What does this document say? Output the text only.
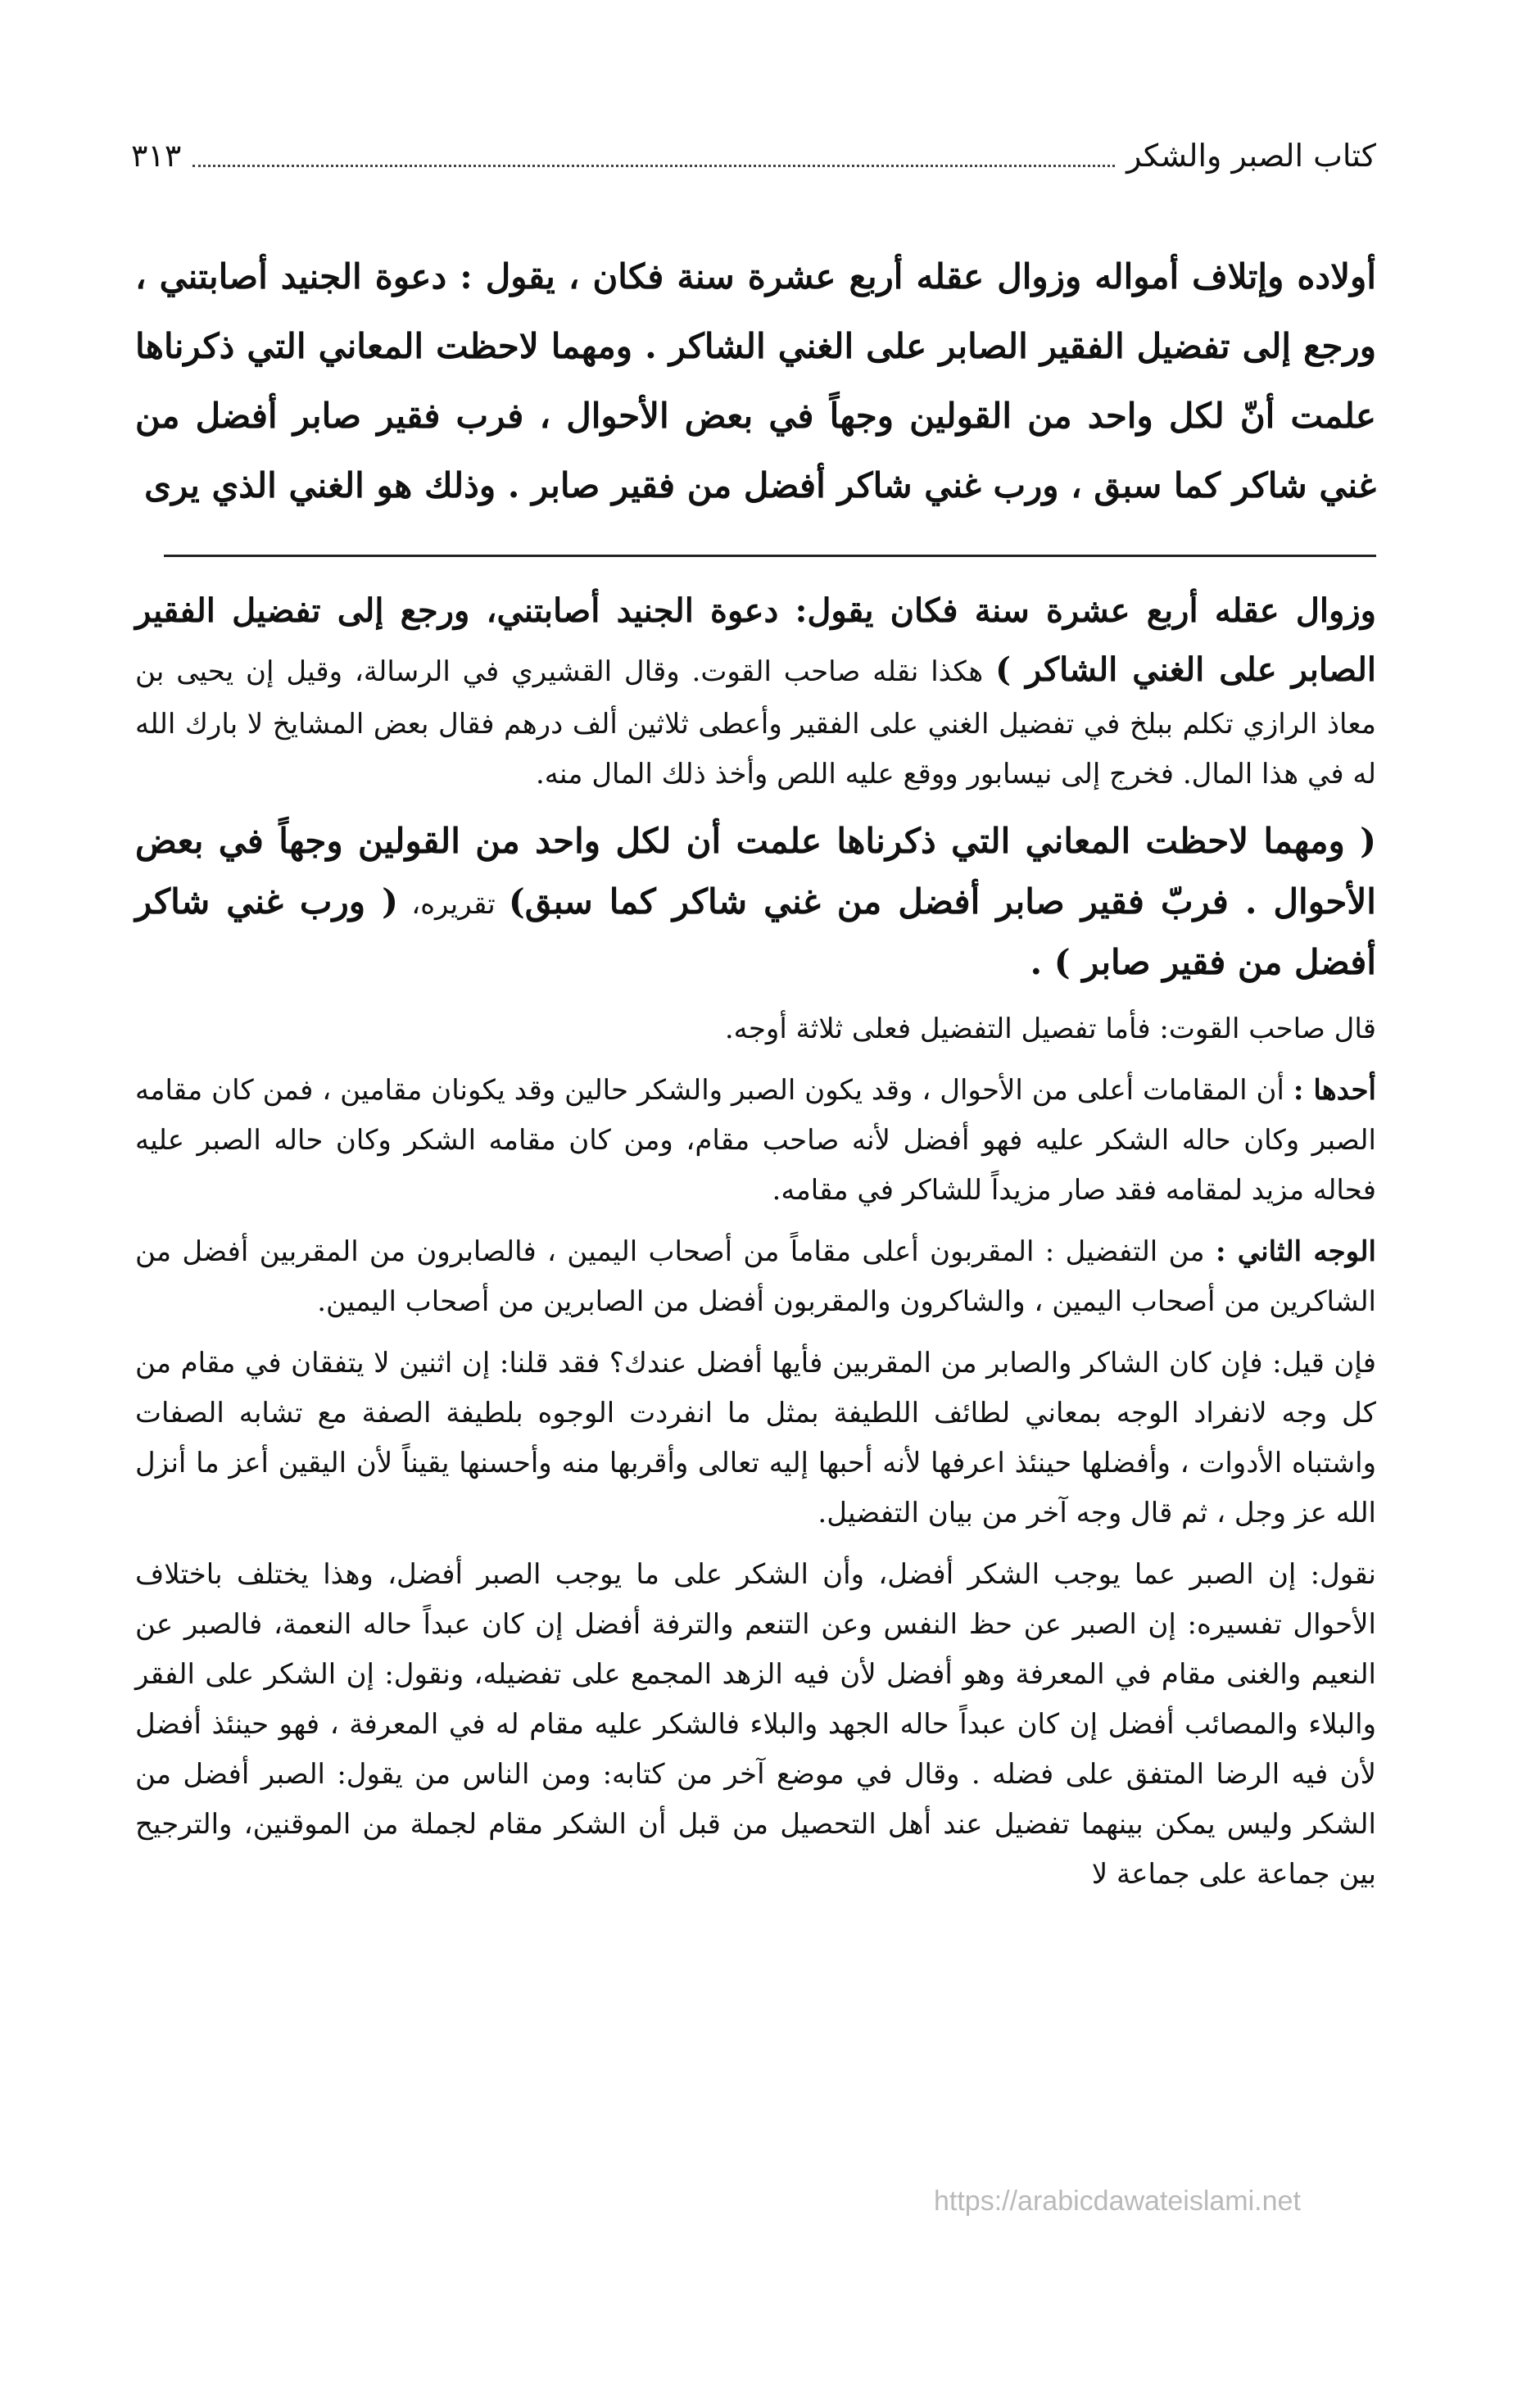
كتاب الصبر والشكر
٣١٣

أولاده وإتلاف أمواله وزوال عقله أربع عشرة سنة فكان ، يقول : دعوة الجنيد أصابتني ، ورجع إلى تفضيل الفقير الصابر على الغني الشاكر . ومهما لاحظت المعاني التي ذكرناها علمت أنّ لكل واحد من القولين وجهاً في بعض الأحوال ، فرب فقير صابر أفضل من غني شاكر كما سبق ، ورب غني شاكر أفضل من فقير صابر . وذلك هو الغني الذي يرى

وزوال عقله أربع عشرة سنة فكان يقول: دعوة الجنيد أصابتني، ورجع إلى تفضيل الفقير الصابر على الغني الشاكر ) هكذا نقله صاحب القوت. وقال القشيري في الرسالة، وقيل إن يحيى بن معاذ الرازي تكلم ببلخ في تفضيل الغني على الفقير وأعطى ثلاثين ألف درهم فقال بعض المشايخ لا بارك الله له في هذا المال. فخرج إلى نيسابور ووقع عليه اللص وأخذ ذلك المال منه.

( ومهما لاحظت المعاني التي ذكرناها علمت أن لكل واحد من القولين وجهاً في بعض الأحوال . فربّ فقير صابر أفضل من غني شاكر كما سبق) تقريره، ( ورب غني شاكر أفضل من فقير صابر ) .

قال صاحب القوت: فأما تفصيل التفضيل فعلى ثلاثة أوجه.

أحدها : أن المقامات أعلى من الأحوال ، وقد يكون الصبر والشكر حالين وقد يكونان مقامين ، فمن كان مقامه الصبر وكان حاله الشكر عليه فهو أفضل لأنه صاحب مقام، ومن كان مقامه الشكر وكان حاله الصبر عليه فحاله مزيد لمقامه فقد صار مزيداً للشاكر في مقامه.

الوجه الثاني : من التفضيل : المقربون أعلى مقاماً من أصحاب اليمين ، فالصابرون من المقربين أفضل من الشاكرين من أصحاب اليمين ، والشاكرون والمقربون أفضل من الصابرين من أصحاب اليمين.

فإن قيل: فإن كان الشاكر والصابر من المقربين فأيها أفضل عندك؟ فقد قلنا: إن اثنين لا يتفقان في مقام من كل وجه لانفراد الوجه بمعاني لطائف اللطيفة بمثل ما انفردت الوجوه بلطيفة الصفة مع تشابه الصفات واشتباه الأدوات ، وأفضلها حينئذ اعرفها لأنه أحبها إليه تعالى وأقربها منه وأحسنها يقيناً لأن اليقين أعز ما أنزل الله عز وجل ، ثم قال وجه آخر من بيان التفضيل.

نقول: إن الصبر عما يوجب الشكر أفضل، وأن الشكر على ما يوجب الصبر أفضل، وهذا يختلف باختلاف الأحوال تفسيره: إن الصبر عن حظ النفس وعن التنعم والترفة أفضل إن كان عبداً حاله النعمة، فالصبر عن النعيم والغنى مقام في المعرفة وهو أفضل لأن فيه الزهد المجمع على تفضيله، ونقول: إن الشكر على الفقر والبلاء والمصائب أفضل إن كان عبداً حاله الجهد والبلاء فالشكر عليه مقام له في المعرفة ، فهو حينئذ أفضل لأن فيه الرضا المتفق على فضله . وقال في موضع آخر من كتابه: ومن الناس من يقول: الصبر أفضل من الشكر وليس يمكن بينهما تفضيل عند أهل التحصيل من قبل أن الشكر مقام لجملة من الموقنين، والترجيح بين جماعة على جماعة لا

https://arabicdawateislami.net
